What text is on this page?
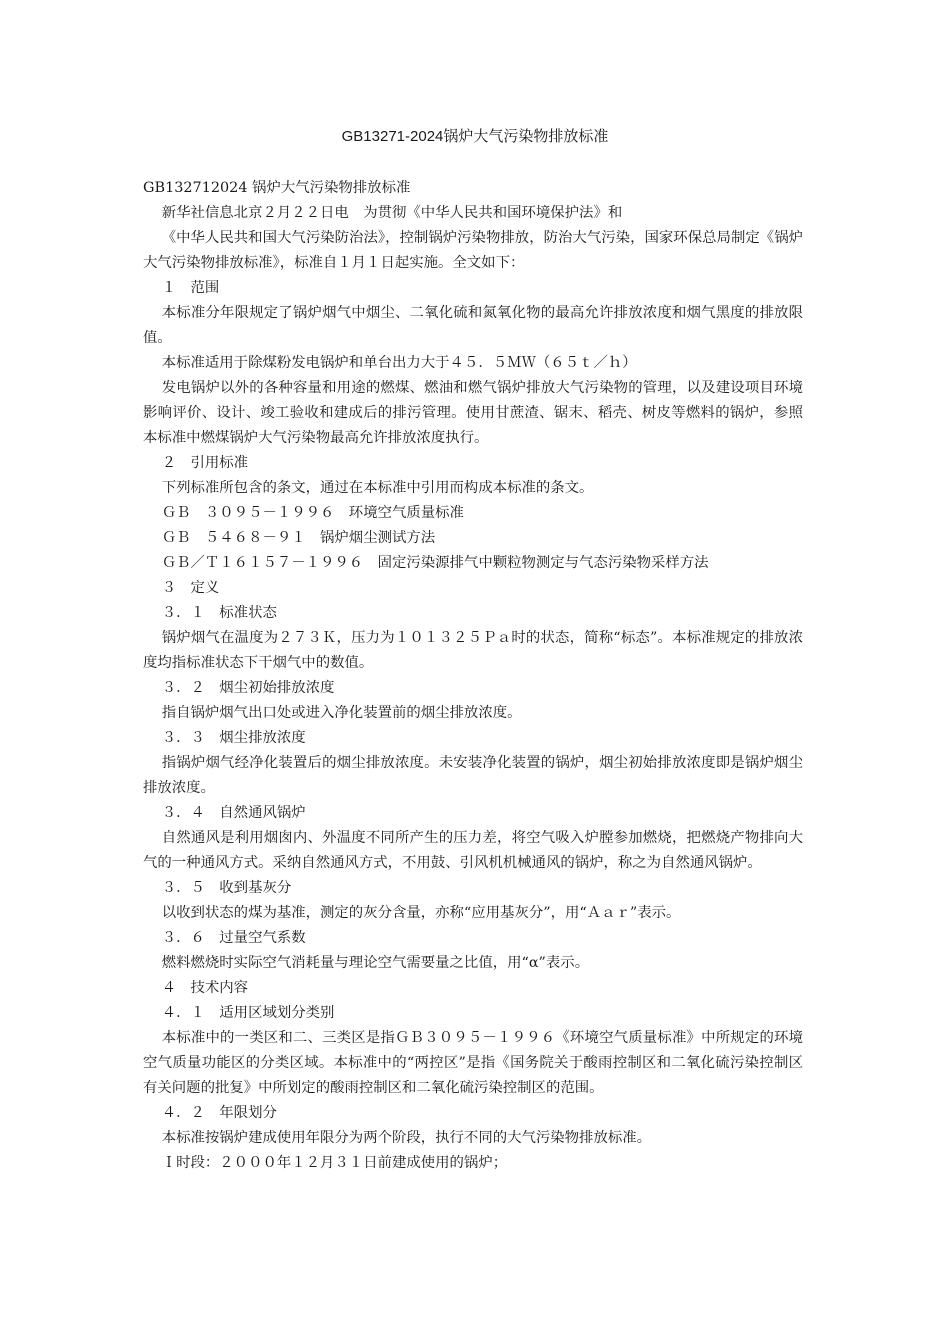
GB13271-2024锅炉大气污染物排放标准

GB132712024 锅炉大气污染物排放标准

新华社信息北京２月２２日电　为贯彻《中华人民共和国环境保护法》和

《中华人民共和国大气污染防治法》，控制锅炉污染物排放，防治大气污染，国家环保总局制定《锅炉大气污染物排放标准》，标准自１月１日起实施。全文如下：

１　范围

本标准分年限规定了锅炉烟气中烟尘、二氧化硫和氮氧化物的最高允许排放浓度和烟气黑度的排放限值。

本标准适用于除煤粉发电锅炉和单台出力大于４５．５ＭＷ（６５ｔ／ｈ）

发电锅炉以外的各种容量和用途的燃煤、燃油和燃气锅炉排放大气污染物的管理，以及建设项目环境影响评价、设计、竣工验收和建成后的排污管理。使用甘蔗渣、锯末、稻壳、树皮等燃料的锅炉，参照本标准中燃煤锅炉大气污染物最高允许排放浓度执行。

２　引用标准

下列标准所包含的条文，通过在本标准中引用而构成本标准的条文。

ＧＢ　３０９５－１９９６　环境空气质量标准

ＧＢ　５４６８－９１　锅炉烟尘测试方法

ＧＢ／Ｔ１６１５７－１９９６　固定污染源排气中颗粒物测定与气态污染物采样方法

３　定义

３．１　标准状态

锅炉烟气在温度为２７３Ｋ，压力为１０１３２５Ｐａ时的状态，简称“标态”。本标准规定的排放浓度均指标准状态下干烟气中的数值。

３．２　烟尘初始排放浓度

指自锅炉烟气出口处或进入净化装置前的烟尘排放浓度。

３．３　烟尘排放浓度

指锅炉烟气经净化装置后的烟尘排放浓度。未安装净化装置的锅炉，烟尘初始排放浓度即是锅炉烟尘排放浓度。

３．４　自然通风锅炉

自然通风是利用烟囱内、外温度不同所产生的压力差，将空气吸入炉膛参加燃烧，把燃烧产物排向大气的一种通风方式。采纳自然通风方式，不用鼓、引风机机械通风的锅炉，称之为自然通风锅炉。

３．５　收到基灰分

以收到状态的煤为基准，测定的灰分含量，亦称“应用基灰分”，用“Ａａｒ”表示。

３．６　过量空气系数

燃料燃烧时实际空气消耗量与理论空气需要量之比值，用“α”表示。

４　技术内容

４．１　适用区域划分类别

本标准中的一类区和二、三类区是指ＧＢ３０９５－１９９６《环境空气质量标准》中所规定的环境空气质量功能区的分类区域。本标准中的“两控区”是指《国务院关于酸雨控制区和二氧化硫污染控制区有关问题的批复》中所划定的酸雨控制区和二氧化硫污染控制区的范围。

４．２　年限划分

本标准按锅炉建成使用年限分为两个阶段，执行不同的大气污染物排放标准。

Ｉ时段：２０００年１２月３１日前建成使用的锅炉；
